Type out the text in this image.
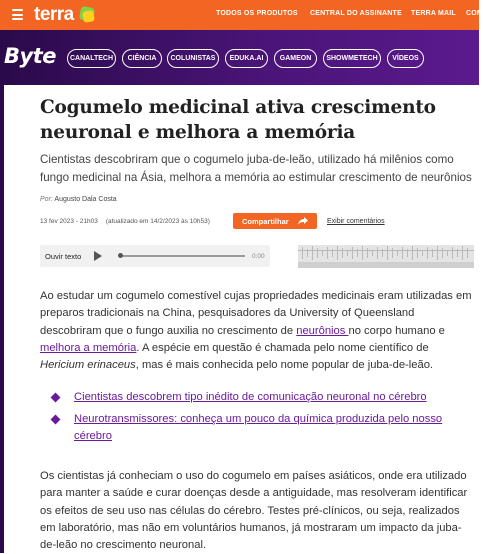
terra	TODOS OS PRODUTOS CENTRAL DO ASSINANTE TERRA MAIL COM
Byte	CANALTECH	CIÊNCIA	COLUNISTAS	EDUKA.AI	GAMEON	SHOWMETECH	VÍDEOS
Cogumelo medicinal ativa crescimento neuronal e melhora a memória

Cientistas descobriram que o cogumelo juba-de-leão, utilizado há milênios como fungo medicinal na Ásia, melhora a memória ao estimular crescimento de neurônios

Por: Augusto Dala Costa
13 fev 2023 - 21h03 (atualizado em 14/2/2023 às 10h53)	Compartilhar	Exibir comentários
Ouvir texto	0:00

Ao estudar um cogumelo comestível cujas propriedades medicinais eram utilizadas em preparos tradicionais na China, pesquisadores da University of Queensland descobriram que o fungo auxilia no crescimento de neurônios no corpo humano e melhora a memória. A espécie em questão é chamada pelo nome científico de Hericium erinaceus, mas é mais conhecida pelo nome popular de juba-de-leão.

Cientistas descobrem tipo inédito de comunicação neuronal no cérebro
Neurotransmissores: conheça um pouco da química produzida pelo nosso cérebro

Os cientistas já conheciam o uso do cogumelo em países asiáticos, onde era utilizado para manter a saúde e curar doenças desde a antiguidade, mas resolveram identificar os efeitos de seu uso nas células do cérebro. Testes pré-clínicos, ou seja, realizados em laboratório, mas não em voluntários humanos, já mostraram um impacto da juba-de-leão no crescimento neuronal.
